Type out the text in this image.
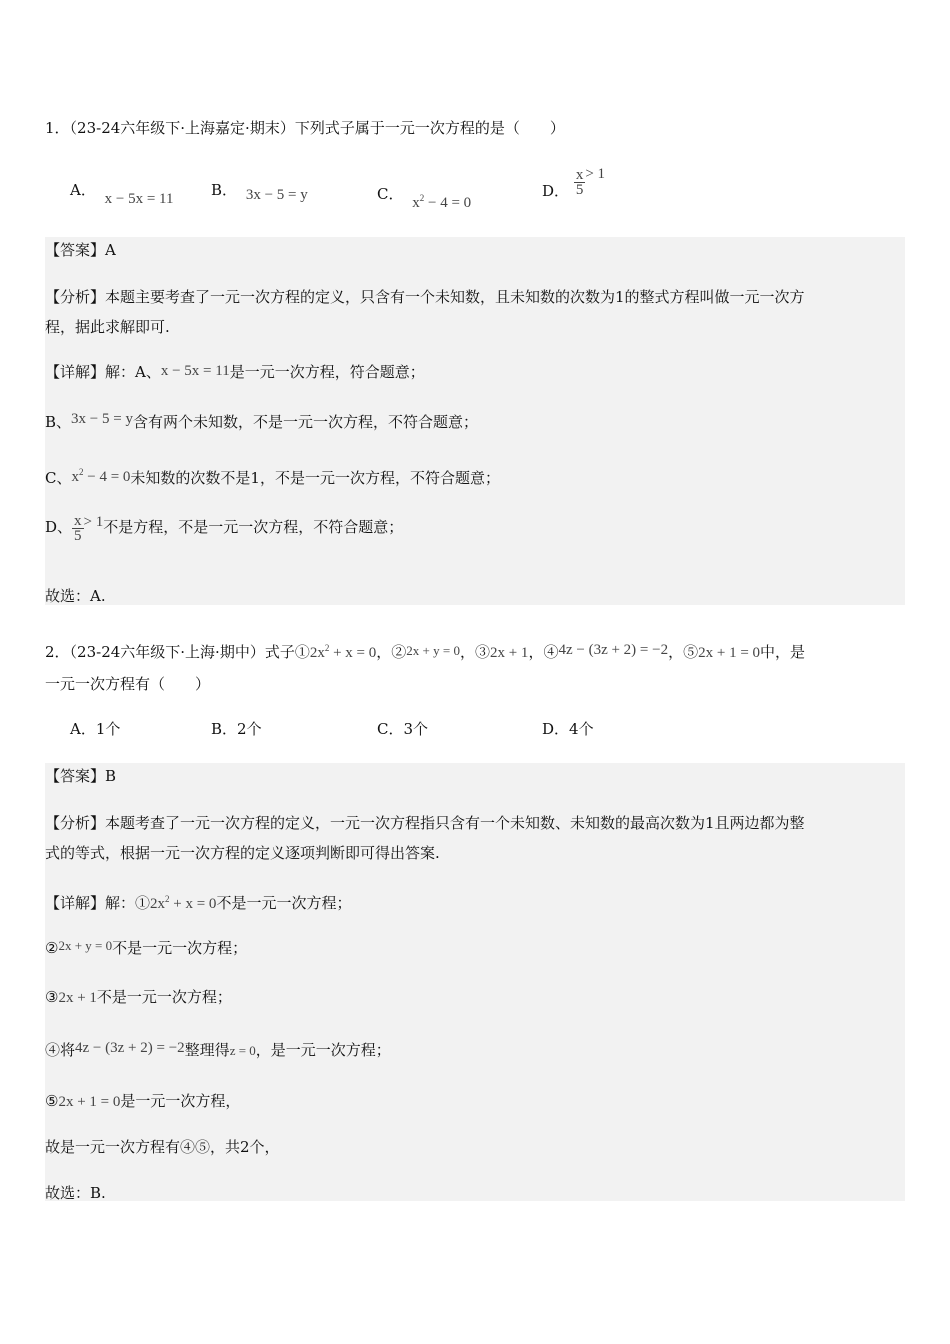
1．（23-24六年级下·上海嘉定·期末）下列式子属于一元一次方程的是（　　）
A． x − 5x = 11	B． 3x − 5 = y	C． $x^2 - 4 = 0$
D． $\frac{x}{5} > 1$
【答案】A
【分析】本题主要考查了一元一次方程的定义，只含有一个未知数，且未知数的次数为1的整式方程叫做一元一次方
程，据此求解即可.
【详解】解：A、x − 5x = 11是一元一次方程，符合题意；
B、3x − 5 = y含有两个未知数，不是一元一次方程，不符合题意；
C、$x^2 - 4 = 0$未知数的次数不是1，不是一元一次方程，不符合题意；
D、 $\frac{x}{5} > 1$不是方程，不是一元一次方程，不符合题意；
故选：A.
2．（23-24六年级下·上海·期中）式子$①2x^2 + x = 0$，②2x + y = 0，③2x + 1，④4z − (3z + 2) = −2，⑤2x + 1 = 0中，是
一元一次方程有（　　）
A．1个	B．2个	C．3个	D．4个
【答案】B
【分析】本题考查了一元一次方程的定义，一元一次方程指只含有一个未知数、未知数的最高次数为1且两边都为整
式的等式，根据一元一次方程的定义逐项判断即可得出答案.
【详解】解：$①2x^2 + x = 0$不是一元一次方程；
②2x + y = 0不是一元一次方程；
③2x + 1不是一元一次方程；
④将4z − (3z + 2) = −2整理得z = 0，是一元一次方程；
⑤2x + 1 = 0是一元一次方程，
故是一元一次方程有④⑤，共2个，
故选：B.
